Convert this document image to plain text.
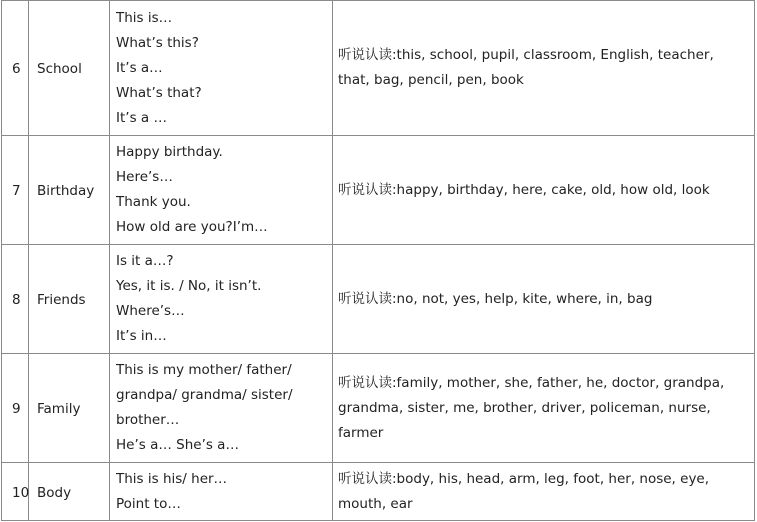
6	School	This is…
What’s this?
It’s a…
What’s that?
It’s a …	听说认读:this, school, pupil, classroom, English, teacher, that, bag, pencil, pen, book

7	Birthday	Happy birthday.
Here’s…
Thank you.
How old are you?I’m…	听说认读:happy, birthday, here, cake, old, how old, look

8	Friends	Is it a…?
Yes, it is. / No, it isn’t.
Where’s…
It’s in…	听说认读:no, not, yes, help, kite, where, in, bag

9	Family	This is my mother/ father/
grandpa/ grandma/ sister/
brother…
He’s a… She’s a…	听说认读:family, mother, she, father, he, doctor, grandpa, grandma, sister, me, brother, driver, policeman, nurse, farmer

10	Body	This is his/ her…
Point to…	听说认读:body, his, head, arm, leg, foot, her, nose, eye, mouth, ear
